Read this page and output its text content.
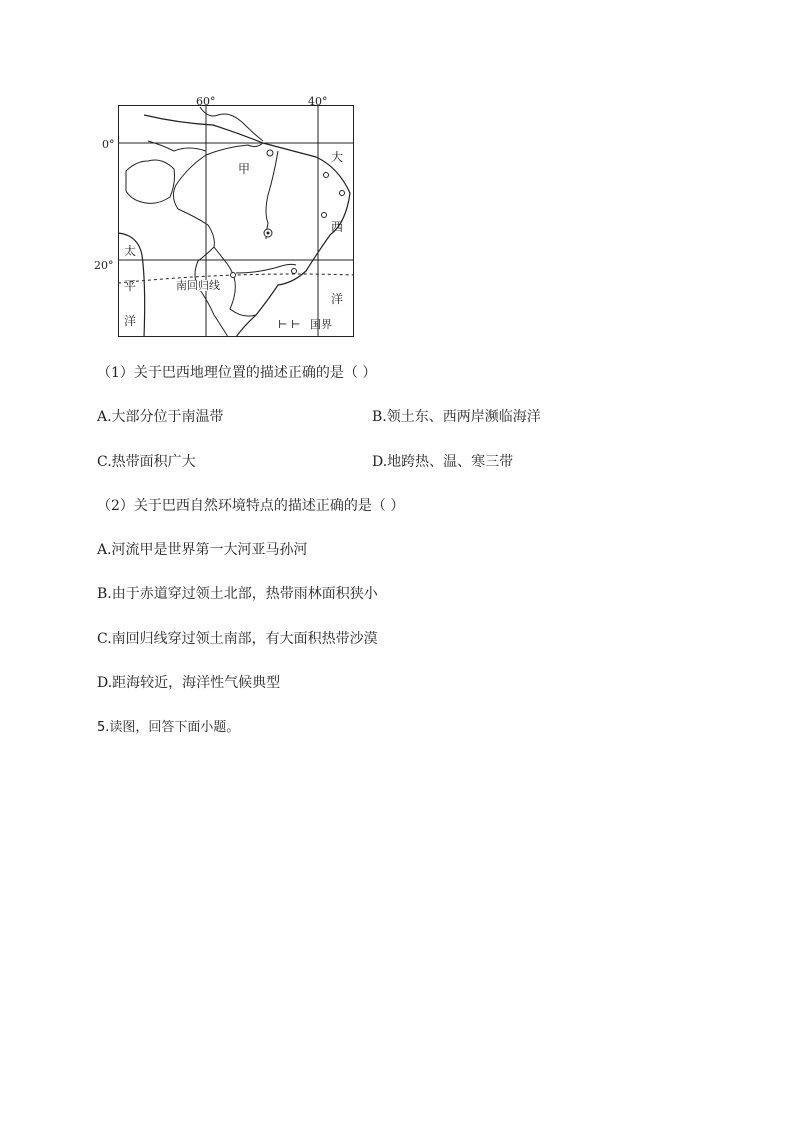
60°	40°
0°
20°
甲
大
西
洋
太
平
洋
南回归线
⊢ ⊢ 国界
（1）关于巴西地理位置的描述正确的是（ ）
A.大部分位于南温带	B.领土东、西两岸濒临海洋
C.热带面积广大	D.地跨热、温、寒三带
（2）关于巴西自然环境特点的描述正确的是（ ）
A.河流甲是世界第一大河亚马孙河
B.由于赤道穿过领土北部，热带雨林面积狭小
C.南回归线穿过领土南部，有大面积热带沙漠
D.距海较近，海洋性气候典型
5.读图，回答下面小题。
